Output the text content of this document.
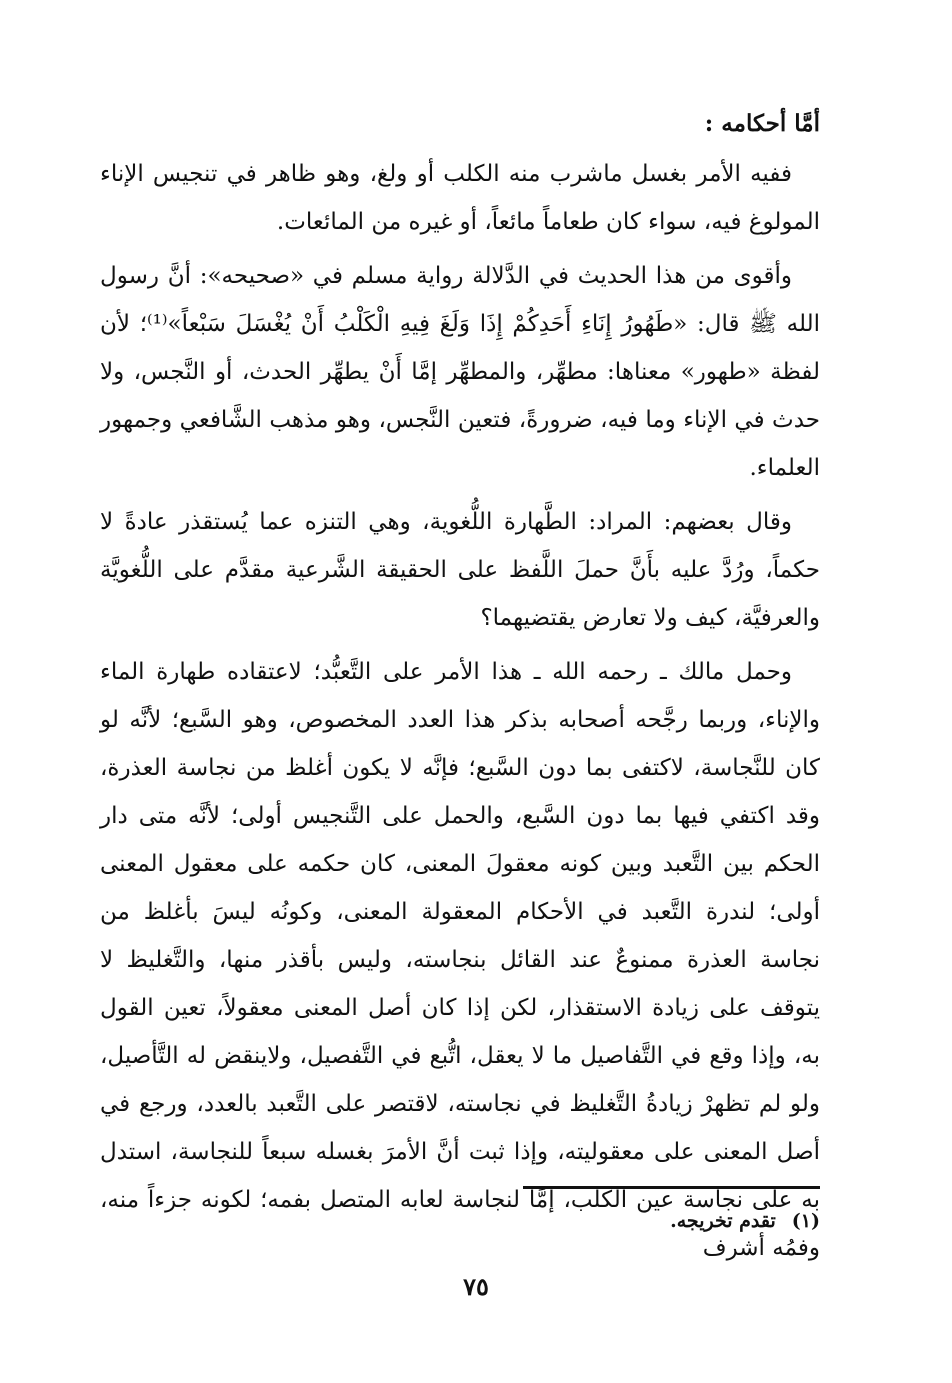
أمَّا أحكامه :

ففيه الأمر بغسل ماشرب منه الكلب أو ولغ، وهو ظاهر في تنجيس الإناء المولوغ فيه، سواء كان طعاماً مائعاً، أو غيره من المائعات.

وأقوى من هذا الحديث في الدَّلالة رواية مسلم في «صحيحه»: أنَّ رسول الله ﷺ قال: «طَهُورُ إِنَاءِ أَحَدِكُمْ إِذَا وَلَغَ فِيهِ الْكَلْبُ أَنْ يُغْسَلَ سَبْعاً»⁽¹⁾؛ لأن لفظة «طهور» معناها: مطهِّر، والمطهِّر إمَّا أَنْ يطهِّر الحدث، أو النَّجس، ولا حدث في الإناء وما فيه، ضرورةً، فتعين النَّجس، وهو مذهب الشَّافعي وجمهور العلماء.

وقال بعضهم: المراد: الطَّهارة اللُّغوية، وهي التنزه عما يُستقذر عادةً لا حكماً، ورُدَّ عليه بأَنَّ حملَ اللَّفظ على الحقيقة الشَّرعية مقدَّم على اللُّغويَّة والعرفيَّة، كيف ولا تعارض يقتضيهما؟

وحمل مالك ـ رحمه الله ـ هذا الأمر على التَّعبُّد؛ لاعتقاده طهارة الماء والإناء، وربما رجَّحه أصحابه بذكر هذا العدد المخصوص، وهو السَّبع؛ لأنَّه لو كان للنَّجاسة، لاكتفى بما دون السَّبع؛ فإنَّه لا يكون أغلظ من نجاسة العذرة، وقد اكتفي فيها بما دون السَّبع، والحمل على التَّنجيس أولى؛ لأنَّه متى دار الحكم بين التَّعبد وبين كونه معقولَ المعنى، كان حكمه على معقول المعنى أولى؛ لندرة التَّعبد في الأحكام المعقولة المعنى، وكونُه ليسَ بأغلظ من نجاسة العذرة ممنوعٌ عند القائل بنجاسته، وليس بأقذر منها، والتَّغليظ لا يتوقف على زيادة الاستقذار، لكن إذا كان أصل المعنى معقولاً، تعين القول به، وإذا وقع في التَّفاصيل ما لا يعقل، اتُّبع في التَّفصيل، ولاينقض له التَّأصيل، ولو لم تظهرْ زيادةُ التَّغليظ في نجاسته، لاقتصر على التَّعبد بالعدد، ورجع في أصل المعنى على معقوليته، وإذا ثبت أنَّ الأمرَ بغسله سبعاً للنجاسة، استدل به على نجاسة عين الكلب، إمَّا لنجاسة لعابه المتصل بفمه؛ لكونه جزءاً منه، وفمُه أشرف

(١)
تقدم تخريجه.
٧٥
